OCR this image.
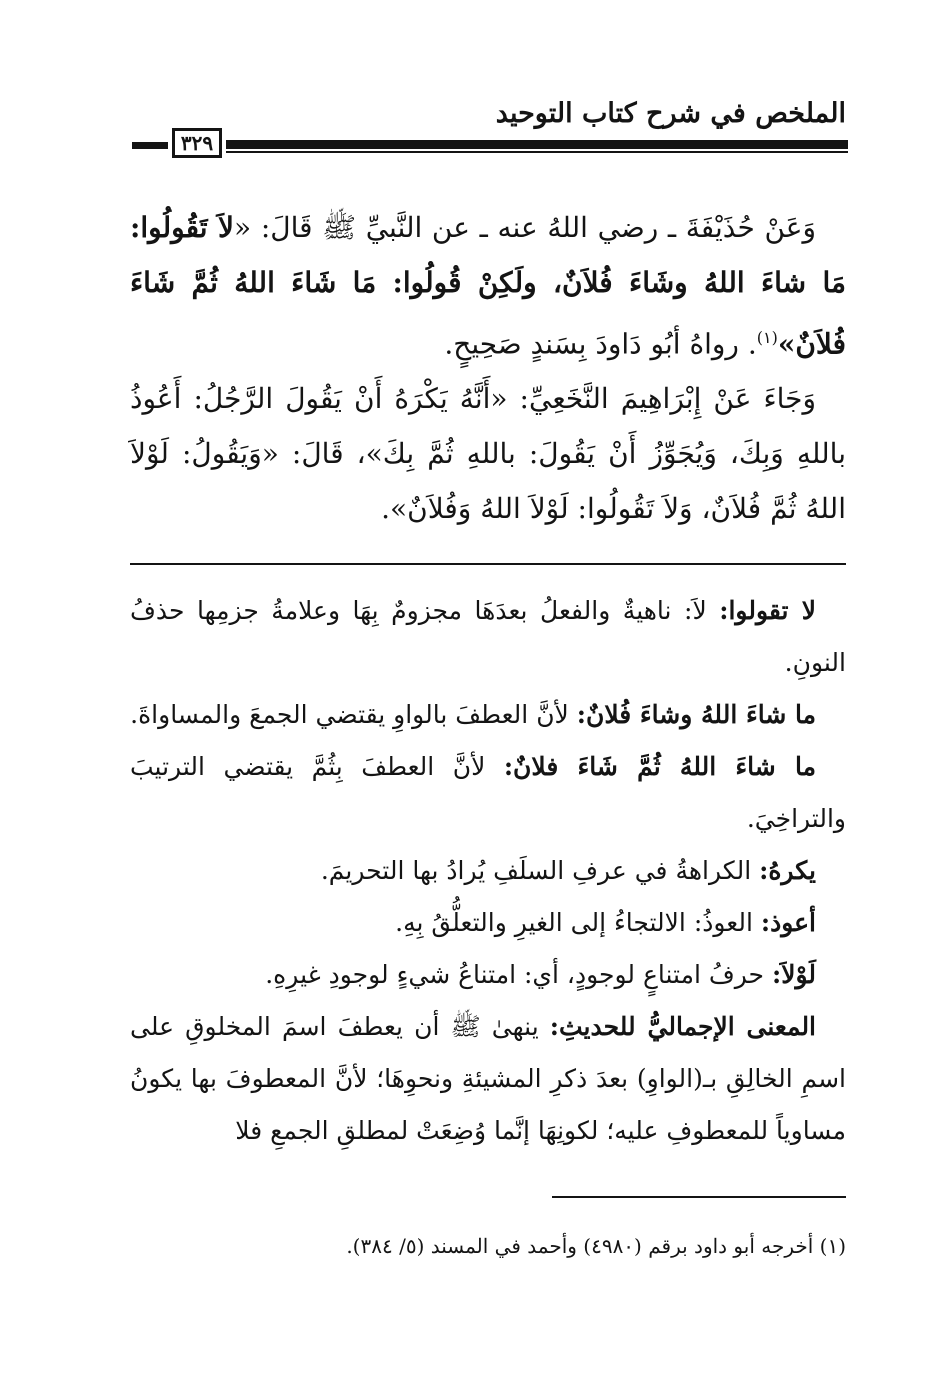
الملخص في شرح كتاب التوحيد
٣٢٩

وَعَنْ حُذَيْفَةَ ـ رضي اللهُ عنه ـ عن النَّبيِّ ﷺ قَالَ: «لاَ تَقُولُوا: مَا شاءَ اللهُ وشَاءَ فُلاَنٌ، ولَكِنْ قُولُوا: مَا شَاءَ اللهُ ثُمَّ شَاءَ فُلاَنٌ»$^{(١)}$. رواهُ أبُو دَاودَ بِسَندٍ صَحِيحٍ.

وَجَاءَ عَنْ إِبْرَاهِيمَ النَّخَعِيِّ: «أَنَّهُ يَكْرَهُ أَنْ يَقُولَ الرَّجُلُ: أَعُوذُ باللهِ وَبِكَ، وَيُجَوِّزُ أَنْ يَقُولَ: باللهِ ثُمَّ بِكَ»، قَالَ: «وَيَقُولُ: لَوْلاَ اللهُ ثُمَّ فُلاَنٌ، وَلاَ تَقُولُوا: لَوْلاَ اللهُ وَفُلاَنٌ».

لا تقولوا: لاَ: ناهيةٌ والفعلُ بعدَهَا مجزومٌ بِهَا وعلامةُ جزمِها حذفُ النونِ.

ما شاءَ اللهُ وشاءَ فُلانٌ: لأنَّ العطفَ بالواوِ يقتضي الجمعَ والمساواةَ.

ما شاءَ اللهُ ثُمَّ شَاءَ فلانٌ: لأنَّ العطفَ بِثُمَّ يقتضي الترتيبَ والتراخِيَ.

يكرهُ: الكراهةُ في عرفِ السلَفِ يُرادُ بها التحريمَ.

أعوذ: العوذُ: الالتجاءُ إلى الغيرِ والتعلُّقُ بِهِ.

لَوْلاَ: حرفُ امتناعٍ لوجودٍ، أي: امتناعُ شيءٍ لوجودِ غيرِهِ.

المعنى الإجماليُّ للحديثِ: ينهىٰ ﷺ أن يعطفَ اسمَ المخلوقِ على اسمِ الخالِقِ بـ(الواوِ) بعدَ ذكرِ المشيئةِ ونحوِهَا؛ لأنَّ المعطوفَ بها يكونُ مساوياً للمعطوفِ عليه؛ لكونِهَا إنَّما وُضِعَتْ لمطلقِ الجمعِ فلا

(١) أخرجه أبو داود برقم (٤٩٨٠) وأحمد في المسند (٥/ ٣٨٤).
